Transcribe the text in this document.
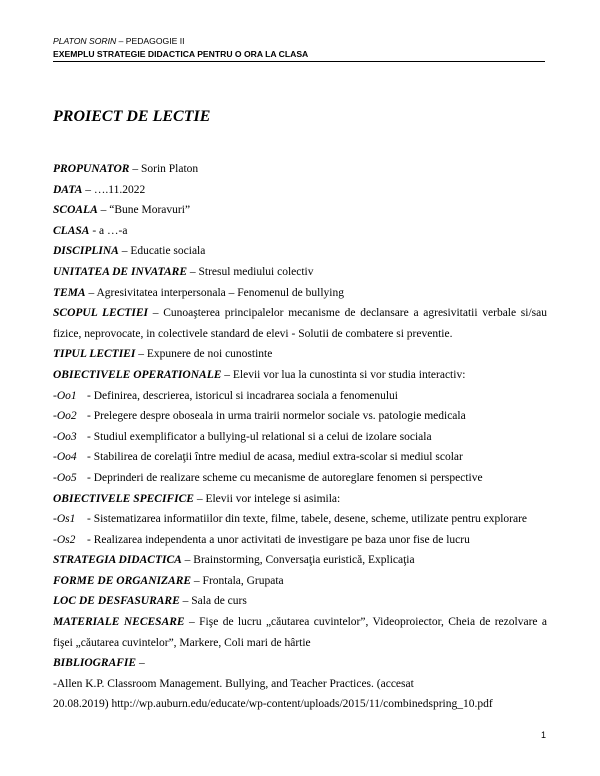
PLATON SORIN – PEDAGOGIE II
EXEMPLU STRATEGIE DIDACTICA PENTRU O ORA LA CLASA
PROIECT DE LECTIE
PROPUNATOR – Sorin Platon
DATA – ….11.2022
SCOALA – “Bune Moravuri”
CLASA - a …-a
DISCIPLINA – Educatie sociala
UNITATEA DE INVATARE – Stresul mediului colectiv
TEMA – Agresivitatea interpersonala – Fenomenul de bullying
SCOPUL LECTIEI – Cunoaşterea principalelor mecanisme de declansare a agresivitatii verbale si/sau
fizice, neprovocate, in colectivele standard de elevi - Solutii de combatere si preventie.
TIPUL LECTIEI – Expunere de noi cunostinte
OBIECTIVELE OPERATIONALE – Elevii vor lua la cunostinta si vor studia interactiv:
-Oo1 - Definirea, descrierea, istoricul si incadrarea sociala a fenomenului
-Oo2 - Prelegere despre oboseala in urma trairii normelor sociale vs. patologie medicala
-Oo3 - Studiul exemplificator a bullying-ul relational si a celui de izolare sociala
-Oo4 - Stabilirea de corelaţii între mediul de acasa, mediul extra-scolar si mediul scolar
-Oo5 - Deprinderi de realizare scheme cu mecanisme de autoreglare fenomen si perspective
OBIECTIVELE SPECIFICE – Elevii vor intelege si asimila:
-Os1 - Sistematizarea informatiilor din texte, filme, tabele, desene, scheme, utilizate pentru explorare
-Os2 - Realizarea independenta a unor activitati de investigare pe baza unor fise de lucru
STRATEGIA DIDACTICA – Brainstorming, Conversaţia euristică, Explicaţia
FORME DE ORGANIZARE – Frontala, Grupata
LOC DE DESFASURARE – Sala de curs
MATERIALE NECESARE – Fişe de lucru „căutarea cuvintelor”, Videoproiector, Cheia de rezolvare a
fişei „căutarea cuvintelor”, Markere, Coli mari de hârtie
BIBLIOGRAFIE –
-Allen K.P. Classroom Management. Bullying, and Teacher Practices. (accesat
20.08.2019) http://wp.auburn.edu/educate/wp-content/uploads/2015/11/combinedspring_10.pdf
1
